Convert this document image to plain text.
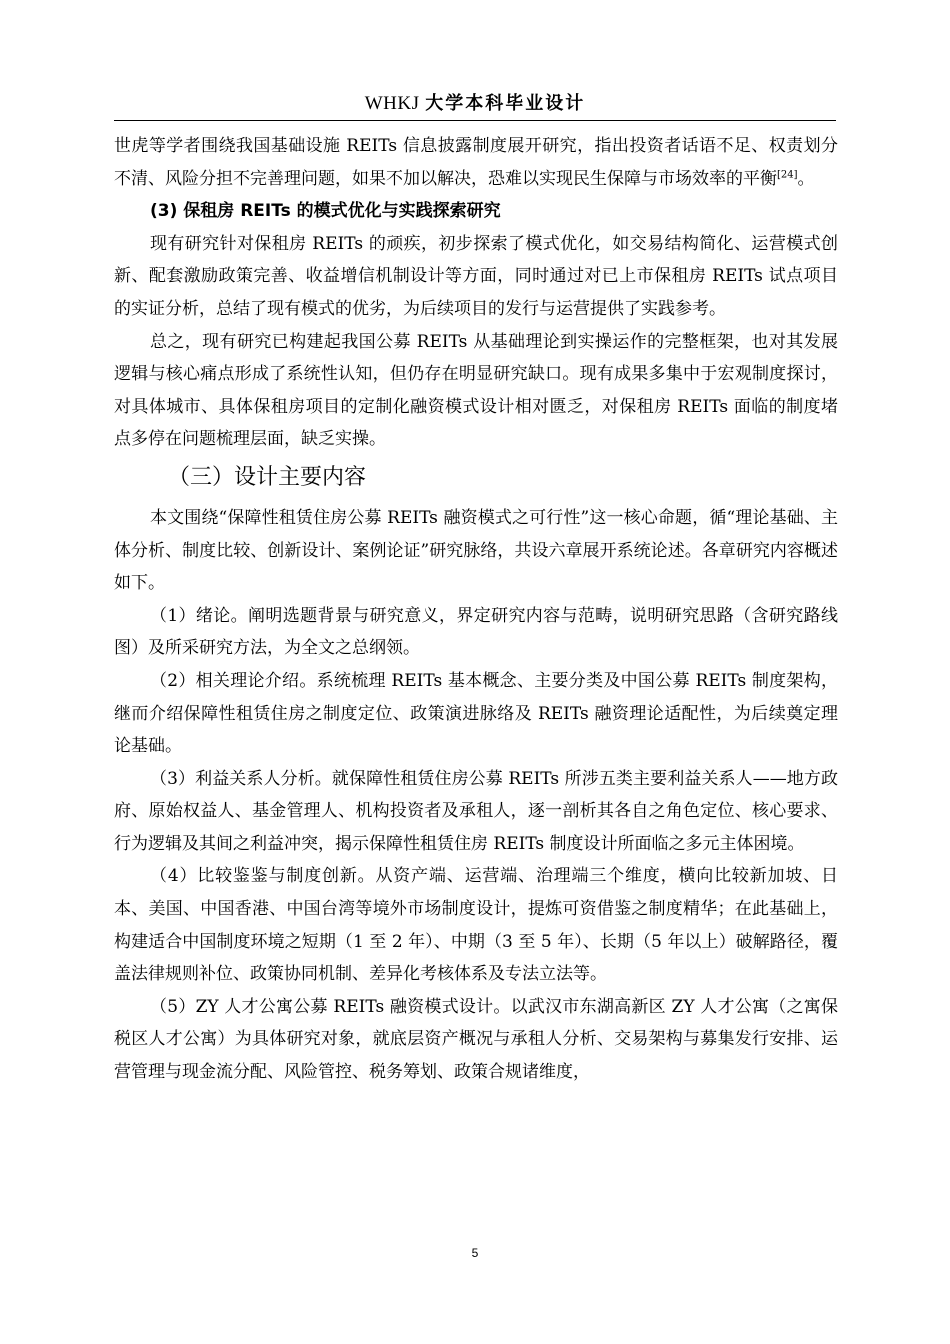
WHKJ 大学本科毕业设计

世虎等学者围绕我国基础设施 REITs 信息披露制度展开研究，指出投资者话语不足、权责划分不清、风险分担不完善理问题，如果不加以解决，恐难以实现民生保障与市场效率的平衡[24]。

(3) 保租房 REITs 的模式优化与实践探索研究

现有研究针对保租房 REITs 的顽疾，初步探索了模式优化，如交易结构简化、运营模式创新、配套激励政策完善、收益增信机制设计等方面，同时通过对已上市保租房 REITs 试点项目的实证分析，总结了现有模式的优劣，为后续项目的发行与运营提供了实践参考。

总之，现有研究已构建起我国公募 REITs 从基础理论到实操运作的完整框架，也对其发展逻辑与核心痛点形成了系统性认知，但仍存在明显研究缺口。现有成果多集中于宏观制度探讨，对具体城市、具体保租房项目的定制化融资模式设计相对匮乏，对保租房 REITs 面临的制度堵点多停在问题梳理层面，缺乏实操。

（三）设计主要内容

本文围绕“保障性租赁住房公募 REITs 融资模式之可行性”这一核心命题，循“理论基础、主体分析、制度比较、创新设计、案例论证”研究脉络，共设六章展开系统论述。各章研究内容概述如下。

（1）绪论。阐明选题背景与研究意义，界定研究内容与范畴，说明研究思路（含研究路线图）及所采研究方法，为全文之总纲领。

（2）相关理论介绍。系统梳理 REITs 基本概念、主要分类及中国公募 REITs 制度架构，继而介绍保障性租赁住房之制度定位、政策演进脉络及 REITs 融资理论适配性，为后续奠定理论基础。

（3）利益关系人分析。就保障性租赁住房公募 REITs 所涉五类主要利益关系人——地方政府、原始权益人、基金管理人、机构投资者及承租人，逐一剖析其各自之角色定位、核心要求、行为逻辑及其间之利益冲突，揭示保障性租赁住房 REITs 制度设计所面临之多元主体困境。

（4）比较鉴鉴与制度创新。从资产端、运营端、治理端三个维度，横向比较新加坡、日本、美国、中国香港、中国台湾等境外市场制度设计，提炼可资借鉴之制度精华；在此基础上，构建适合中国制度环境之短期（1 至 2 年）、中期（3 至 5 年）、长期（5 年以上）破解路径，覆盖法律规则补位、政策协同机制、差异化考核体系及专法立法等。

（5）ZY 人才公寓公募 REITs 融资模式设计。以武汉市东湖高新区 ZY 人才公寓（之寓保税区人才公寓）为具体研究对象，就底层资产概况与承租人分析、交易架构与募集发行安排、运营管理与现金流分配、风险管控、税务筹划、政策合规诸维度，

5
